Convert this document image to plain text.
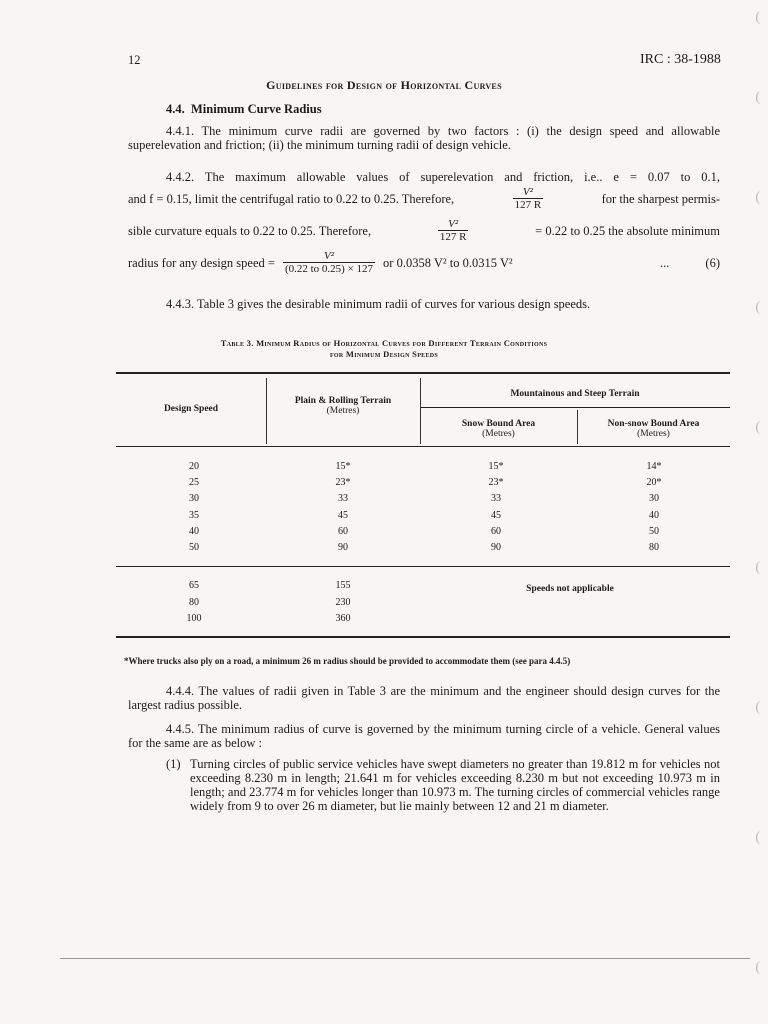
12	IRC : 38-1988
Guidelines for Design of Horizontal Curves
4.4. Minimum Curve Radius
4.4.1. The minimum curve radii are governed by two factors : (i) the design speed and allowable superelevation and friction; (ii) the minimum turning radii of design vehicle.
4.4.2. The maximum allowable values of superelevation and friction, i.e.. e = 0.07 to 0.1,
and f = 0.15, limit the centrifugal ratio to 0.22 to 0.25. Therefore,	$\frac{\text{V²}}{127 R}$	for the sharpest permis-
sible curvature equals to 0.22 to 0.25. Therefore,	$\frac{\text{V²}}{127 R}$	= 0.22 to 0.25 the absolute minimum
radius for any design speed = $\frac{\text{V²}}{(0.22 to 0.25) \times 127}$ or 0.0358 V² to 0.0315 V²	...	(6)
4.4.3. Table 3 gives the desirable minimum radii of curves for various design speeds.
Table 3. Minimum Radius of Horizontal Curves for Different Terrain Conditions
for Minimum Design Speeds
Design Speed
Plain & Rolling Terrain
(Metres)
Mountainous and Steep Terrain
Snow Bound Area
(Metres)
Non-snow Bound Area
(Metres)
20	15*	15*	14*
25	23*	23*	20*
30	33	33	30
35	45	45	40
40	60	60	50
50	90	90	80
65	155
80	230
100	360
Speeds not applicable
*Where trucks also ply on a road, a minimum 26 m radius should be provided to accommodate them (see para 4.4.5)
4.4.4. The values of radii given in Table 3 are the minimum and the engineer should design curves for the largest radius possible.
4.4.5. The minimum radius of curve is governed by the minimum turning circle of a vehicle. General values for the same are as below :
(1) Turning circles of public service vehicles have swept diameters no greater than 19.812 m for vehicles not exceeding 8.230 m in length; 21.641 m for vehicles exceeding 8.230 m but not exceeding 10.973 m in length; and 23.774 m for vehicles longer than 10.973 m. The turning circles of commercial vehicles range widely from 9 to over 26 m diameter, but lie mainly between 12 and 21 m diameter.
(
(
(
(
(
(
(
(
(
